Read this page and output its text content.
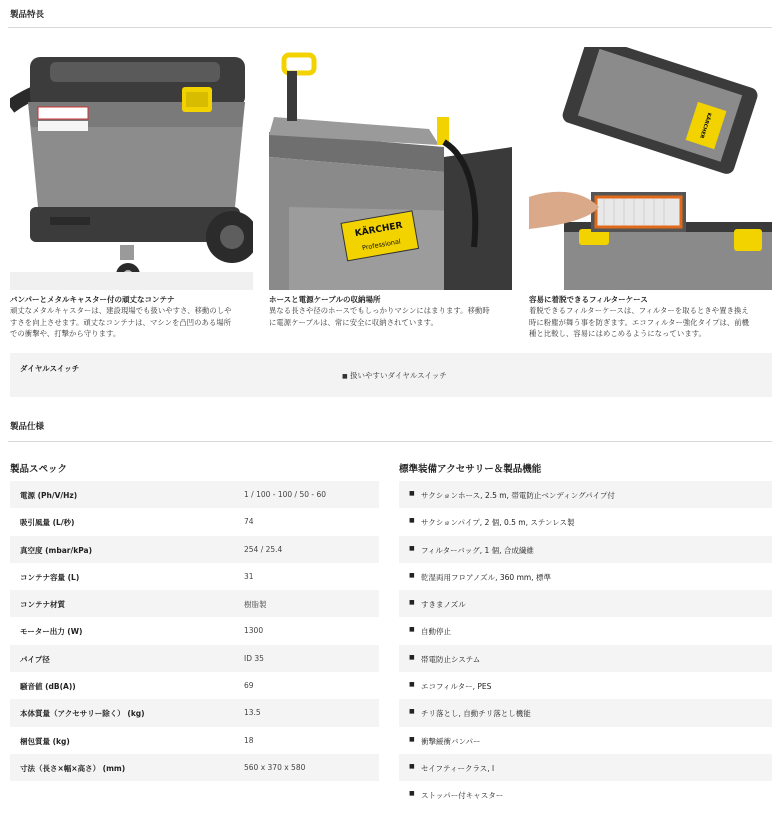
製品特長
バンパーとメタルキャスター付の頑丈なコンテナ
頑丈なメタルキャスターは、建設現場でも扱いやすさ、移動のしや
すさを向上させます。頑丈なコンテナは、マシンを凸凹のある場所
での衝撃や、打撃から守ります。
KÄRCHER
Professional
ホースと電源ケーブルの収納場所
異なる長さや径のホースでもしっかりマシンにはまります。移動時
に電源ケーブルは、常に安全に収納されています。
KÄRCHER
容易に着脱できるフィルターケース
着脱できるフィルターケースは、フィルターを取るときや置き換え
時に粉塵が舞う事を防ぎます。エコフィルター強化タイプは、前機
種と比較し、容易にはめこめるようになっています。
ダイヤルスイッチ
■ 扱いやすいダイヤルスイッチ
製品仕様
製品スペック	標準装備アクセサリー＆製品機能
電源 (Ph/V/Hz)	1 / 100 - 100 / 50 - 60
吸引風量 (L/秒)	74
真空度 (mbar/kPa)	254 / 25.4
コンテナ容量 (L)	31
コンテナ材質	樹脂製
モーター出力 (W)	1300
パイプ径	ID 35
騒音値 (dB(A))	69
本体質量（アクセサリー除く） (kg)	13.5
梱包質量 (kg)	18
寸法（長さ×幅×高さ） (mm)	560 x 370 x 580
■ サクションホース, 2.5 m, 帯電防止ベンディングパイプ付
■ サクションパイプ, 2 個, 0.5 m, ステンレス製
■ フィルターバッグ, 1 個, 合成繊維
■ 乾湿両用フロアノズル, 360 mm, 標準
■ すきまノズル
■ 自動停止
■ 帯電防止システム
■ エコフィルター, PES
■ チリ落とし, 自動チリ落とし機能
■ 衝撃緩衝バンパー
■ セイフティークラス, l
■ ストッパー付キャスター
